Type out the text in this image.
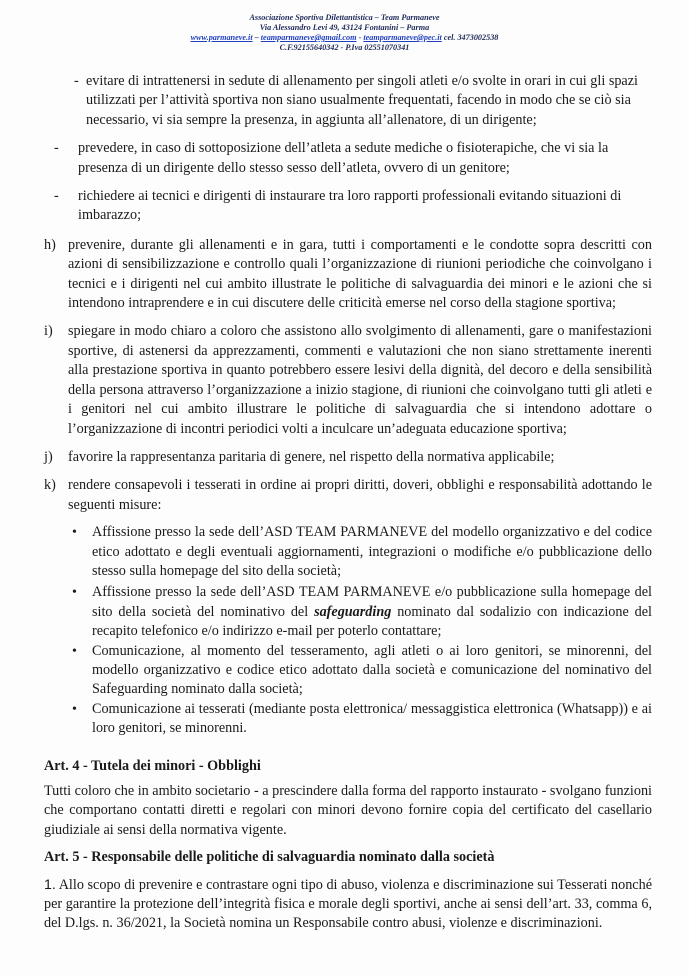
Associazione Sportiva Dilettantistica – Team Parmaneve
Via Alessandro Levi 49, 43124 Fontanini – Parma
www.parmaneve.it – teamparmaneve@gmail.com - teamparmaneve@pec.it cel. 3473002538
C.F.92155640342 - P.Iva 02551070341
- evitare di intrattenersi in sedute di allenamento per singoli atleti e/o svolte in orari in cui gli spazi utilizzati per l’attività sportiva non siano usualmente frequentati, facendo in modo che se ciò sia necessario, vi sia sempre la presenza, in aggiunta all’allenatore, di un dirigente;
- prevedere, in caso di sottoposizione dell’atleta a sedute mediche o fisioterapiche, che vi sia la presenza di un dirigente dello stesso sesso dell’atleta, ovvero di un genitore;
- richiedere ai tecnici e dirigenti di instaurare tra loro rapporti professionali evitando situazioni di imbarazzo;
h) prevenire, durante gli allenamenti e in gara, tutti i comportamenti e le condotte sopra descritti con azioni di sensibilizzazione e controllo quali l’organizzazione di riunioni periodiche che coinvolgano i tecnici e i dirigenti nel cui ambito illustrate le politiche di salvaguardia dei minori e le azioni che si intendono intraprendere e in cui discutere delle criticità emerse nel corso della stagione sportiva;
i) spiegare in modo chiaro a coloro che assistono allo svolgimento di allenamenti, gare o manifestazioni sportive, di astenersi da apprezzamenti, commenti e valutazioni che non siano strettamente inerenti alla prestazione sportiva in quanto potrebbero essere lesivi della dignità, del decoro e della sensibilità della persona attraverso l’organizzazione a inizio stagione, di riunioni che coinvolgano tutti gli atleti e i genitori nel cui ambito illustrare le politiche di salvaguardia che si intendono adottare o l’organizzazione di incontri periodici volti a inculcare un’adeguata educazione sportiva;
j) favorire la rappresentanza paritaria di genere, nel rispetto della normativa applicabile;
k) rendere consapevoli i tesserati in ordine ai propri diritti, doveri, obblighi e responsabilità adottando le seguenti misure:
• Affissione presso la sede dell’ASD TEAM PARMANEVE del modello organizzativo e del codice etico adottato e degli eventuali aggiornamenti, integrazioni o modifiche e/o pubblicazione dello stesso sulla homepage del sito della società;
• Affissione presso la sede dell’ASD TEAM PARMANEVE e/o pubblicazione sulla homepage del sito della società del nominativo del safeguarding nominato dal sodalizio con indicazione del recapito telefonico e/o indirizzo e-mail per poterlo contattare;
• Comunicazione, al momento del tesseramento, agli atleti o ai loro genitori, se minorenni, del modello organizzativo e codice etico adottato dalla società e comunicazione del nominativo del Safeguarding nominato dalla società;
• Comunicazione ai tesserati (mediante posta elettronica/ messaggistica elettronica (Whatsapp)) e ai loro genitori, se minorenni.
Art. 4 - Tutela dei minori - Obblighi
Tutti coloro che in ambito societario - a prescindere dalla forma del rapporto instaurato - svolgano funzioni che comportano contatti diretti e regolari con minori devono fornire copia del certificato del casellario giudiziale ai sensi della normativa vigente.
Art. 5 - Responsabile delle politiche di salvaguardia nominato dalla società
1. Allo scopo di prevenire e contrastare ogni tipo di abuso, violenza e discriminazione sui Tesserati nonché per garantire la protezione dell’integrità fisica e morale degli sportivi, anche ai sensi dell’art. 33, comma 6, del D.lgs. n. 36/2021, la Società nomina un Responsabile contro abusi, violenze e discriminazioni.
